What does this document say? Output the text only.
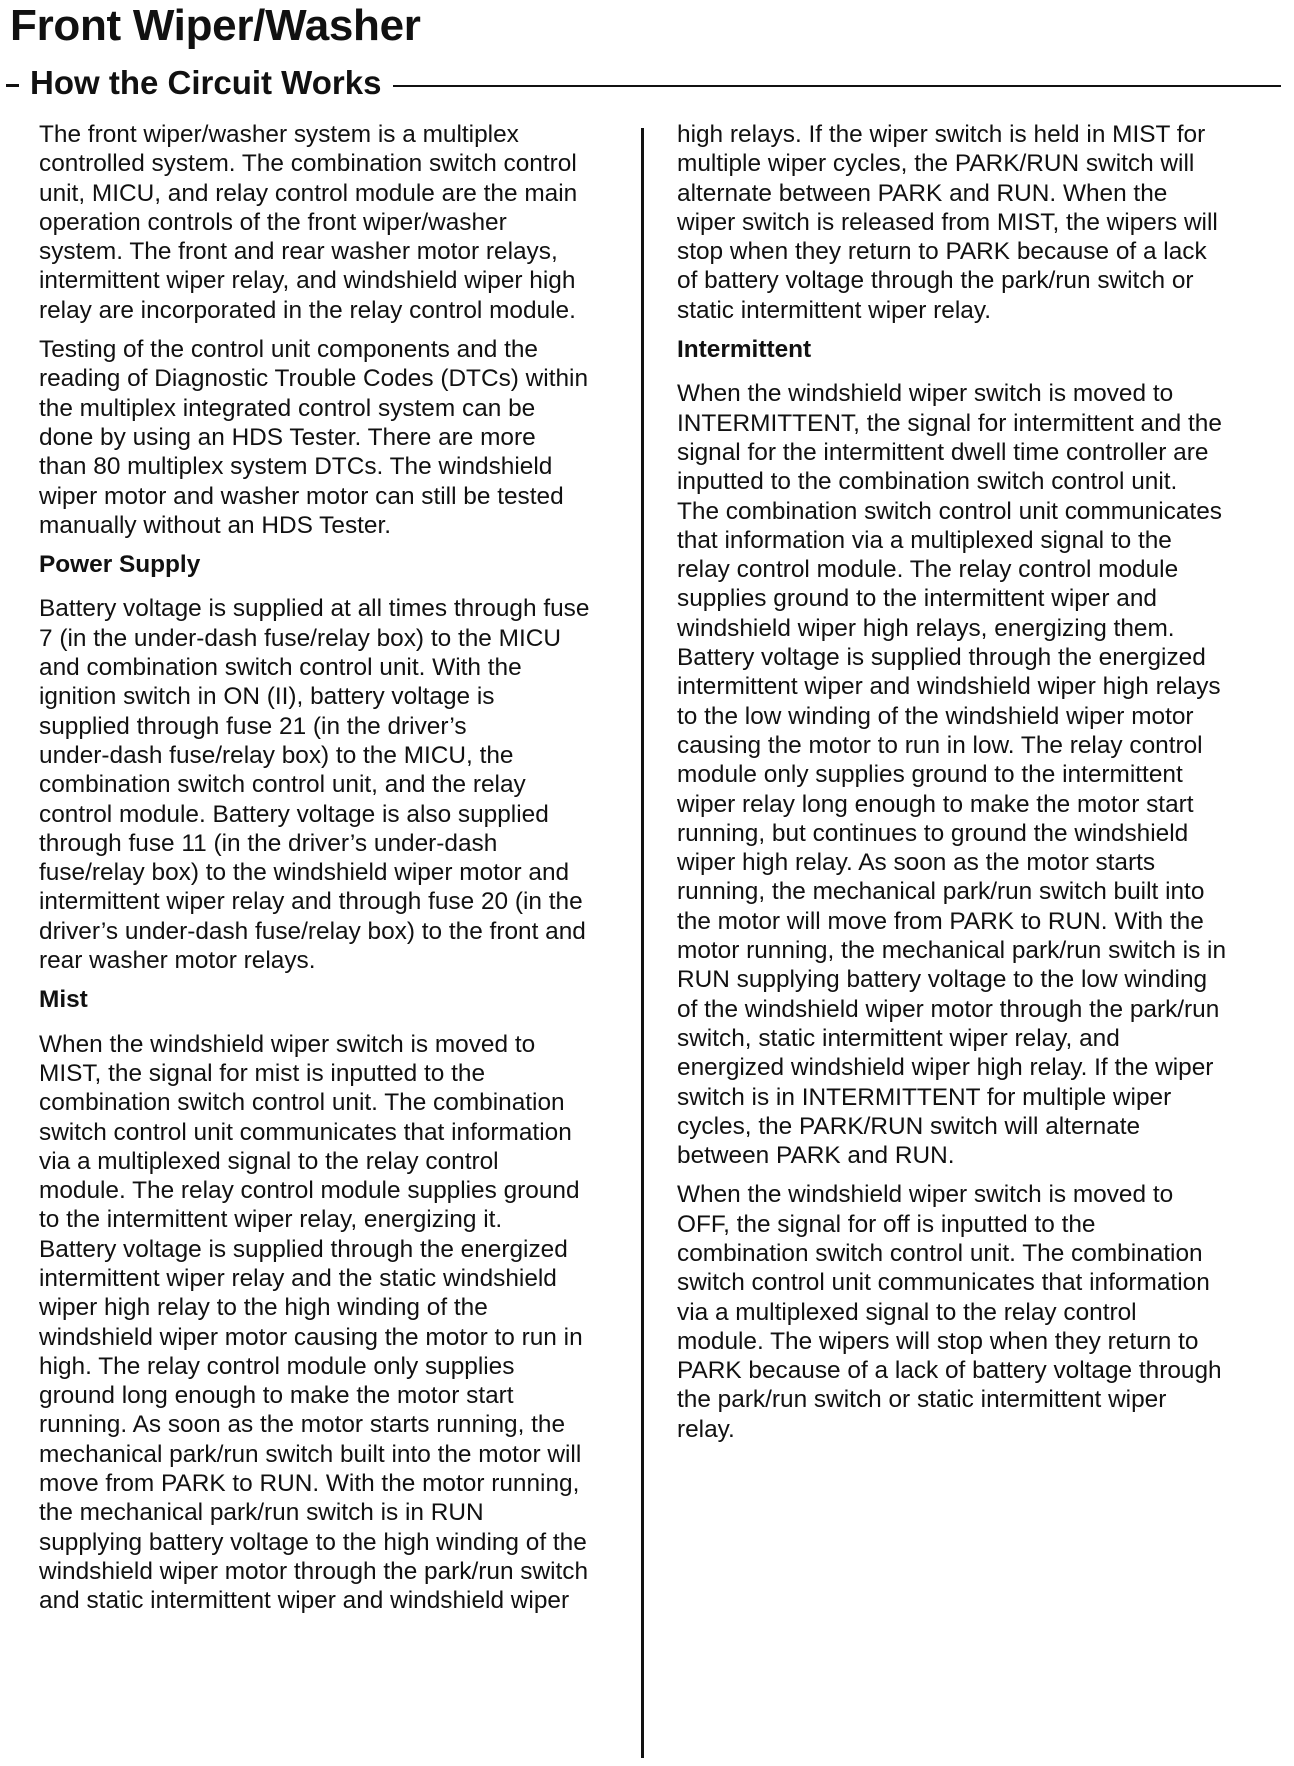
Front Wiper/Washer
How the Circuit Works

The front wiper/washer system is a multiplex
controlled system. The combination switch control
unit, MICU, and relay control module are the main
operation controls of the front wiper/washer
system. The front and rear washer motor relays,
intermittent wiper relay, and windshield wiper high
relay are incorporated in the relay control module.

Testing of the control unit components and the
reading of Diagnostic Trouble Codes (DTCs) within
the multiplex integrated control system can be
done by using an HDS Tester. There are more
than 80 multiplex system DTCs. The windshield
wiper motor and washer motor can still be tested
manually without an HDS Tester.

Power Supply

Battery voltage is supplied at all times through fuse
7 (in the under-dash fuse/relay box) to the MICU
and combination switch control unit. With the
ignition switch in ON (II), battery voltage is
supplied through fuse 21 (in the driver’s
under-dash fuse/relay box) to the MICU, the
combination switch control unit, and the relay
control module. Battery voltage is also supplied
through fuse 11 (in the driver’s under-dash
fuse/relay box) to the windshield wiper motor and
intermittent wiper relay and through fuse 20 (in the
driver’s under-dash fuse/relay box) to the front and
rear washer motor relays.

Mist

When the windshield wiper switch is moved to
MIST, the signal for mist is inputted to the
combination switch control unit. The combination
switch control unit communicates that information
via a multiplexed signal to the relay control
module. The relay control module supplies ground
to the intermittent wiper relay, energizing it.
Battery voltage is supplied through the energized
intermittent wiper relay and the static windshield
wiper high relay to the high winding of the
windshield wiper motor causing the motor to run in
high. The relay control module only supplies
ground long enough to make the motor start
running. As soon as the motor starts running, the
mechanical park/run switch built into the motor will
move from PARK to RUN. With the motor running,
the mechanical park/run switch is in RUN
supplying battery voltage to the high winding of the
windshield wiper motor through the park/run switch
and static intermittent wiper and windshield wiper

high relays. If the wiper switch is held in MIST for
multiple wiper cycles, the PARK/RUN switch will
alternate between PARK and RUN. When the
wiper switch is released from MIST, the wipers will
stop when they return to PARK because of a lack
of battery voltage through the park/run switch or
static intermittent wiper relay.

Intermittent

When the windshield wiper switch is moved to
INTERMITTENT, the signal for intermittent and the
signal for the intermittent dwell time controller are
inputted to the combination switch control unit.
The combination switch control unit communicates
that information via a multiplexed signal to the
relay control module. The relay control module
supplies ground to the intermittent wiper and
windshield wiper high relays, energizing them.
Battery voltage is supplied through the energized
intermittent wiper and windshield wiper high relays
to the low winding of the windshield wiper motor
causing the motor to run in low. The relay control
module only supplies ground to the intermittent
wiper relay long enough to make the motor start
running, but continues to ground the windshield
wiper high relay. As soon as the motor starts
running, the mechanical park/run switch built into
the motor will move from PARK to RUN. With the
motor running, the mechanical park/run switch is in
RUN supplying battery voltage to the low winding
of the windshield wiper motor through the park/run
switch, static intermittent wiper relay, and
energized windshield wiper high relay. If the wiper
switch is in INTERMITTENT for multiple wiper
cycles, the PARK/RUN switch will alternate
between PARK and RUN.

When the windshield wiper switch is moved to
OFF, the signal for off is inputted to the
combination switch control unit. The combination
switch control unit communicates that information
via a multiplexed signal to the relay control
module. The wipers will stop when they return to
PARK because of a lack of battery voltage through
the park/run switch or static intermittent wiper
relay.
